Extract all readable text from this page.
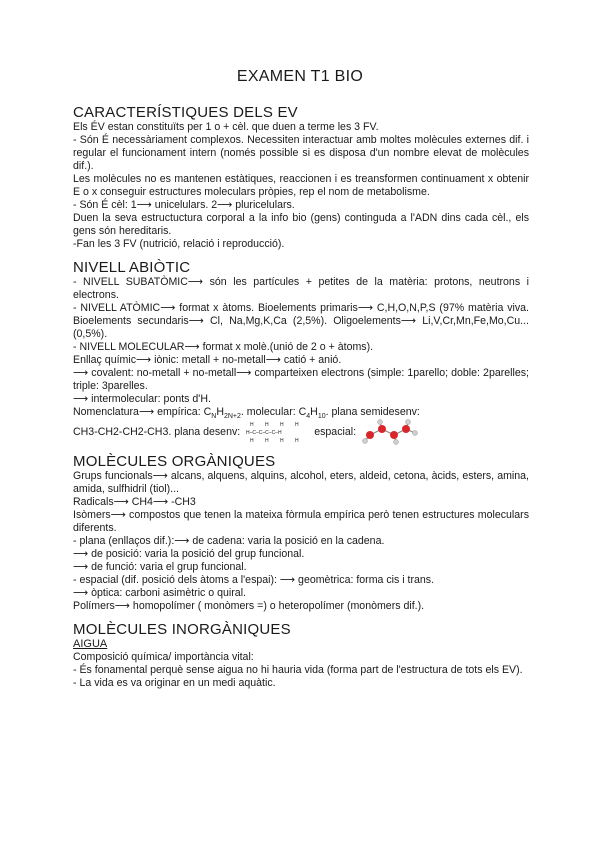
EXAMEN T1 BIO
CARACTERÍSTIQUES DELS EV

Els ÉV estan constituïts per 1 o + cèl. que duen a terme les 3 FV.

- Són É necessàriament complexos. Necessiten interactuar amb moltes molècules externes dif. i regular el funcionament intern (només possible si es disposa d'un nombre elevat de molècules dif.).

Les molècules no es mantenen estàtiques, reaccionen i es treansformen continuament x obtenir E o x conseguir estructures moleculars pròpies, rep el nom de metabolisme.

- Són É cèl: 1⟶ unicelulars. 2⟶ pluricelulars.

Duen la seva estructuctura corporal a la info bio (gens) continguda a l'ADN dins cada cèl., els gens són hereditaris.

-Fan les 3 FV (nutrició, relació i reproducció).

NIVELL ABIÒTIC

- NIVELL SUBATÒMIC⟶ són les partícules + petites de la matèria: protons, neutrons i electrons.

- NIVELL ATÒMIC⟶ format x àtoms. Bioelements primaris⟶ C,H,O,N,P,S (97% matèria viva. Bioelements secundaris⟶ Cl, Na,Mg,K,Ca (2,5%). Oligoelements⟶ Li,V,Cr,Mn,Fe,Mo,Cu... (0,5%).

- NIVELL MOLECULAR⟶ format x molè.(unió de 2 o + àtoms).

Enllaç químic⟶ iònic: metall + no-metall⟶ catió + anió.

⟶ covalent: no-metall + no-metall⟶ comparteixen electrons (simple: 1parello; doble: 2parelles; triple: 3parelles.

⟶ intermolecular: ponts d'H.

Nomenclatura⟶ empírica: $C_NH_{2N+2}$. molecular: $C_4H_{10}$. plana semidesenv:

CH3-CH2-CH2-CH3. plana desenv:
H H H H
H–C–C–C–C–H
H H H H
espacial:

MOLÈCULES ORGÀNIQUES

Grups funcionals⟶ alcans, alquens, alquins, alcohol, eters, aldeid, cetona, àcids, esters, amina, amida, sulfhidril (tiol)...

Radicals⟶ CH4⟶ -CH3

Isòmers⟶ compostos que tenen la mateixa fòrmula empírica però tenen estructures moleculars diferents.

- plana (enllaços dif.):⟶ de cadena: varia la posició en la cadena.

⟶ de posició: varia la posició del grup funcional.

⟶ de funció: varia el grup funcional.

- espacial (dif. posició dels àtoms a l'espai): ⟶ geomètrica: forma cis i trans.

⟶ òptica: carboni asimètric o quiral.

Polímers⟶ homopolímer ( monòmers =) o heteropolímer (monòmers dif.).

MOLÈCULES INORGÀNIQUES

AIGUA

Composició química/ importància vital:

- És fonamental perquè sense aigua no hi hauria vida (forma part de l'estructura de tots els EV).

- La vida es va originar en un medi aquàtic.
